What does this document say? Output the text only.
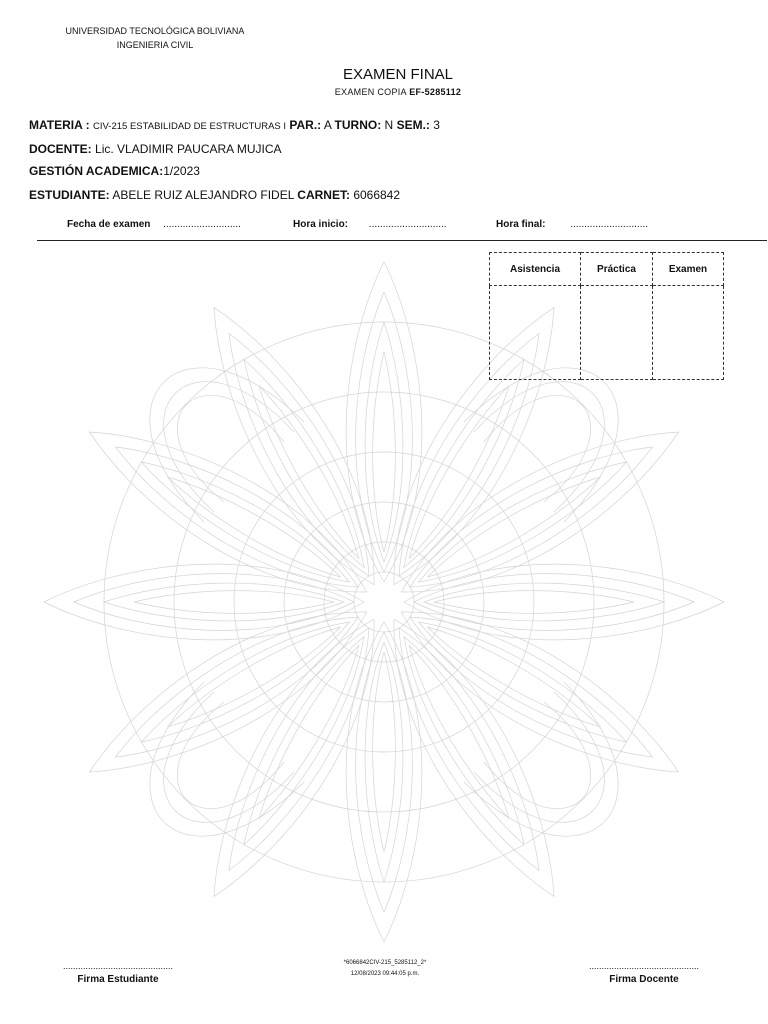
UNIVERSIDAD TECNOLÓGICA BOLIVIANA
INGENIERIA CIVIL
EXAMEN FINAL
EXAMEN COPIA EF-5285112
MATERIA : CIV-215 ESTABILIDAD DE ESTRUCTURAS I PAR.: A TURNO: N SEM.: 3
DOCENTE: Lic. VLADIMIR PAUCARA MUJICA
GESTIÓN ACADEMICA:1/2023
ESTUDIANTE: ABELE RUIZ ALEJANDRO FIDEL CARNET: 6066842
Fecha de examen ............................	Hora inicio: ............................	Hora final: ............................
Asistencia	Práctica	Examen

............................................
Firma Estudiante
*6066842CIV-215_5285112_2*
12/08/2023 09:44:05 p.m.
............................................
Firma Docente
